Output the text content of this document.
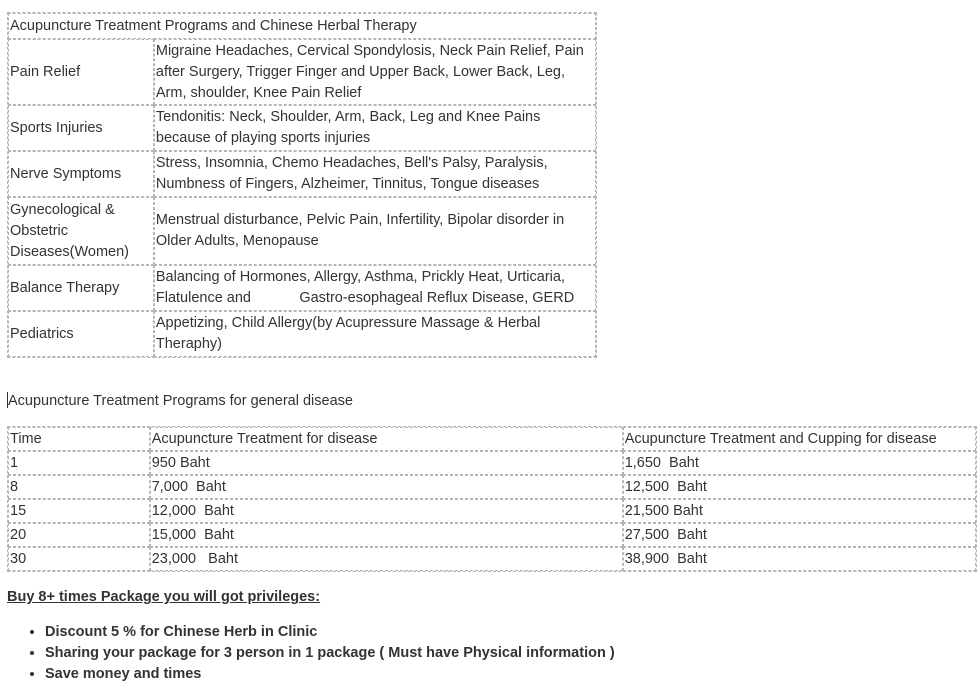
Acupuncture Treatment Programs and Chinese Herbal Therapy	
Pain Relief	Migraine Headaches, Cervical Spondylosis, Neck Pain Relief, Pain after Surgery, Trigger Finger and Upper Back, Lower Back, Leg, Arm, shoulder, Knee Pain Relief
Sports Injuries	Tendonitis: Neck, Shoulder, Arm, Back, Leg and Knee Pains because of playing sports injuries
Nerve Symptoms	Stress, Insomnia, Chemo Headaches, Bell's Palsy, Paralysis, Numbness of Fingers, Alzheimer, Tinnitus, Tongue diseases
Gynecological & Obstetric Diseases(Women)	Menstrual disturbance, Pelvic Pain, Infertility, Bipolar disorder in Older Adults, Menopause
Balance Therapy	Balancing of Hormones, Allergy, Asthma, Prickly Heat, Urticaria, Flatulence and            Gastro-esophageal Reflux Disease, GERD
Pediatrics	Appetizing, Child Allergy(by Acupressure Massage & Herbal Theraphy)
Acupuncture Treatment Programs for general disease
Time	Acupuncture Treatment for disease	Acupuncture Treatment and Cupping for disease
1	950 Baht	1,650  Baht
8	7,000  Baht	12,500  Baht
15	12,000  Baht	21,500 Baht
20	15,000  Baht	27,500  Baht
30	23,000   Baht	38,900  Baht

Buy 8+ times Package you will got privileges:

• Discount 5 % for Chinese Herb in Clinic
• Sharing your package for 3 person in 1 package ( Must have Physical information )
• Save money and times
